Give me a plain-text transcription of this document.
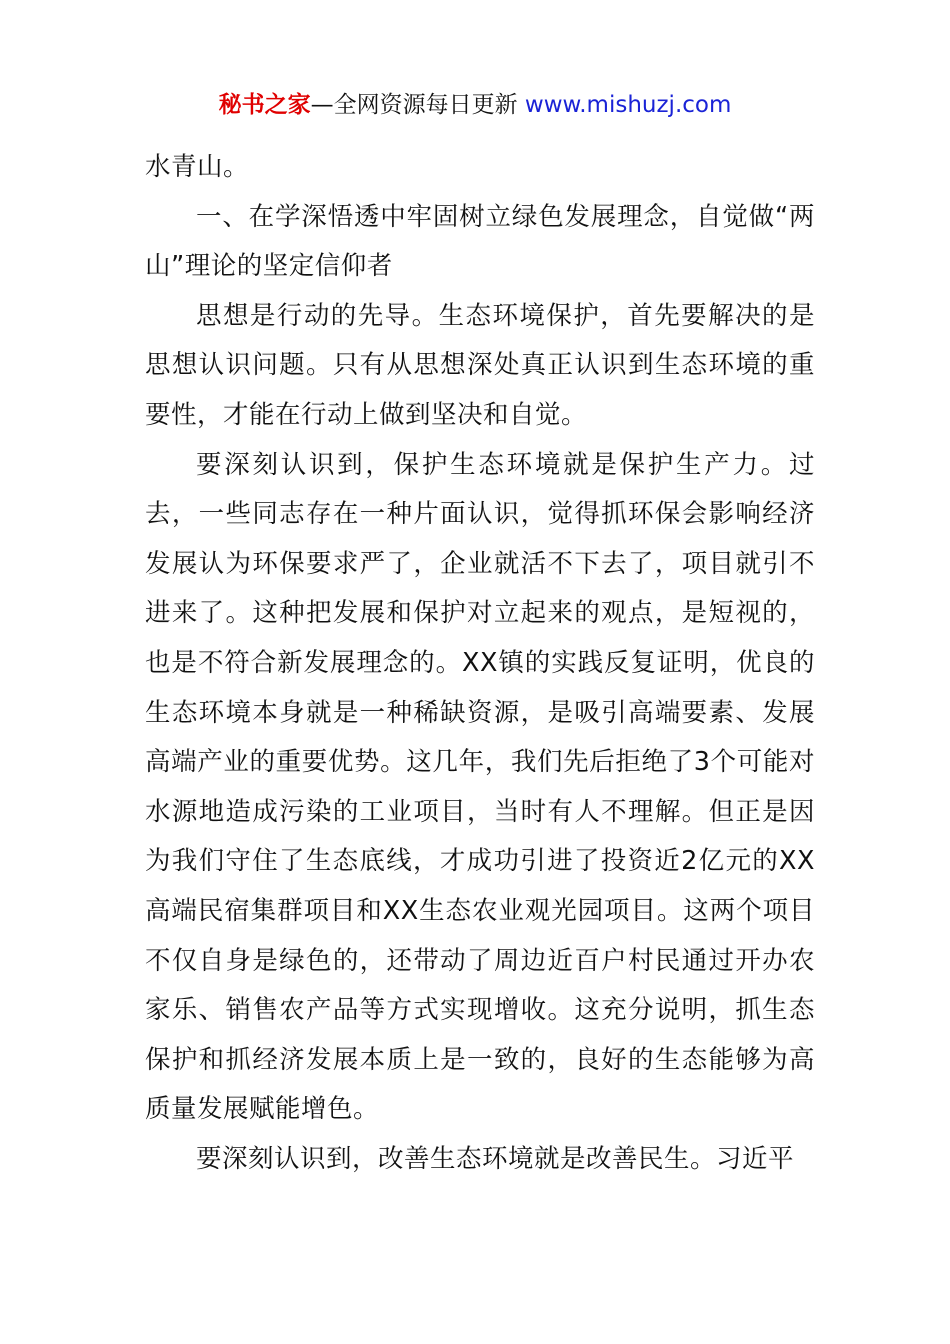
秘书之家—全网资源每日更新 www.mishuzj.com

水青山。

一、在学深悟透中牢固树立绿色发展理念，自觉做“两山”理论的坚定信仰者

思想是行动的先导。生态环境保护，首先要解决的是思想认识问题。只有从思想深处真正认识到生态环境的重要性，才能在行动上做到坚决和自觉。

要深刻认识到，保护生态环境就是保护生产力。过去，一些同志存在一种片面认识，觉得抓环保会影响经济发展认为环保要求严了，企业就活不下去了，项目就引不进来了。这种把发展和保护对立起来的观点，是短视的，也是不符合新发展理念的。XX镇的实践反复证明，优良的生态环境本身就是一种稀缺资源，是吸引高端要素、发展高端产业的重要优势。这几年，我们先后拒绝了3个可能对水源地造成污染的工业项目，当时有人不理解。但正是因为我们守住了生态底线，才成功引进了投资近2亿元的XX高端民宿集群项目和XX生态农业观光园项目。这两个项目不仅自身是绿色的，还带动了周边近百户村民通过开办农家乐、销售农产品等方式实现增收。这充分说明，抓生态保护和抓经济发展本质上是一致的，良好的生态能够为高质量发展赋能增色。

要深刻认识到，改善生态环境就是改善民生。习近平
